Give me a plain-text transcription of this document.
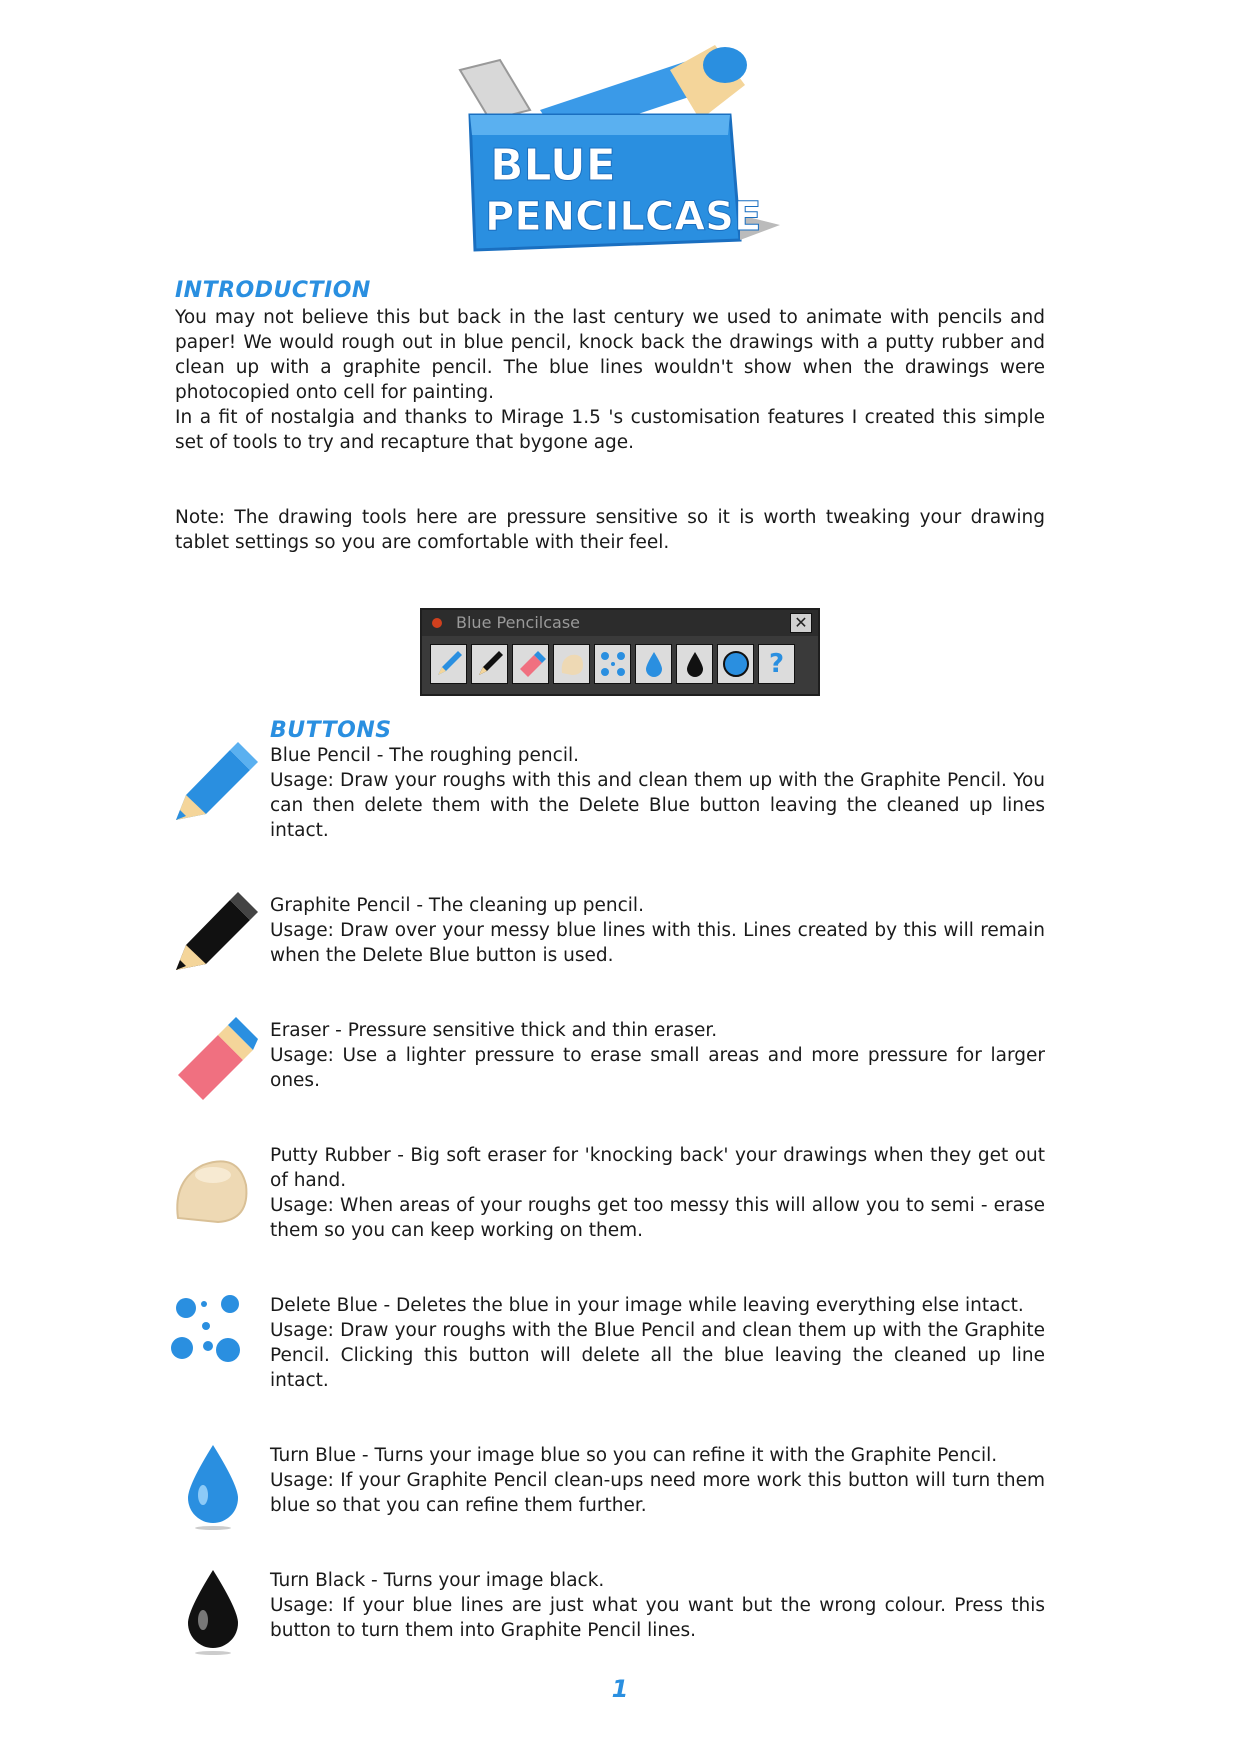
BLUE
PENCILCASE
INTRODUCTION

You may not believe this but back in the last century we used to animate with pencils and paper! We would rough out in blue pencil, knock back the drawings with a putty rubber and clean up with a graphite pencil. The blue lines wouldn't show when the drawings were photocopied onto cell for painting.

In a fit of nostalgia and thanks to Mirage 1.5 's customisation features I created this simple set of tools to try and recapture that bygone age.

Note: The drawing tools here are pressure sensitive so it is worth tweaking your drawing tablet settings so you are comfortable with their feel.

Blue Pencilcase	✕
?
BUTTONS

Blue Pencil - The roughing pencil.

Usage: Draw your roughs with this and clean them up with the Graphite Pencil. You can then delete them with the Delete Blue button leaving the cleaned up lines intact.

Graphite Pencil - The cleaning up pencil.

Usage: Draw over your messy blue lines with this. Lines created by this will remain when the Delete Blue button is used.

Eraser - Pressure sensitive thick and thin eraser.

Usage: Use a lighter pressure to erase small areas and more pressure for larger ones.

Putty Rubber - Big soft eraser for 'knocking back' your drawings when they get out of hand.

Usage: When areas of your roughs get too messy this will allow you to semi - erase them so you can keep working on them.

Delete Blue - Deletes the blue in your image while leaving everything else intact.

Usage: Draw your roughs with the Blue Pencil and clean them up with the Graphite Pencil. Clicking this button will delete all the blue leaving the cleaned up line intact.

Turn Blue - Turns your image blue so you can refine it with the Graphite Pencil.

Usage: If your Graphite Pencil clean-ups need more work this button will turn them blue so that you can refine them further.

Turn Black - Turns your image black.

Usage: If your blue lines are just what you want but the wrong colour. Press this button to turn them into Graphite Pencil lines.

1
